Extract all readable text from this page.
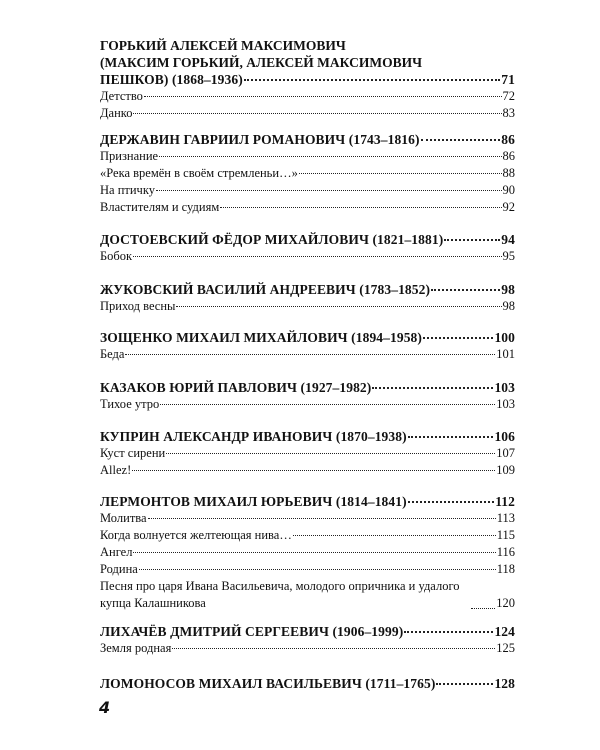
ГОРЬКИЙ АЛЕКСЕЙ МАКСИМОВИЧ
(МАКСИМ ГОРЬКИЙ, АЛЕКСЕЙ МАКСИМОВИЧ
ПЕШКОВ) (1868–1936)	71
Детство	72
Данко	83
ДЕРЖАВИН ГАВРИИЛ РОМАНОВИЧ (1743–1816)	86
Признание	86
«Река времён в своём стремленьи…»	88
На птичку	90
Властителям и судиям	92
ДОСТОЕВСКИЙ ФЁДОР МИХАЙЛОВИЧ (1821–1881)	94
Бобок	95
ЖУКОВСКИЙ ВАСИЛИЙ АНДРЕЕВИЧ (1783–1852)	98
Приход весны	98
ЗОЩЕНКО МИХАИЛ МИХАЙЛОВИЧ (1894–1958)	100
Беда	101
КАЗАКОВ ЮРИЙ ПАВЛОВИЧ (1927–1982)	103
Тихое утро	103
КУПРИН АЛЕКСАНДР ИВАНОВИЧ (1870–1938)	106
Куст сирени	107
Allez!	109
ЛЕРМОНТОВ МИХАИЛ ЮРЬЕВИЧ (1814–1841)	112
Молитва	113
Когда волнуется желтеющая нива…	115
Ангел	116
Родина	118
Песня про царя Ивана Васильевича, молодого опричника и удалого купца Калашникова	120
ЛИХАЧЁВ ДМИТРИЙ СЕРГЕЕВИЧ (1906–1999)	124
Земля родная	125
ЛОМОНОСОВ МИХАИЛ ВАСИЛЬЕВИЧ (1711–1765)	128
4
